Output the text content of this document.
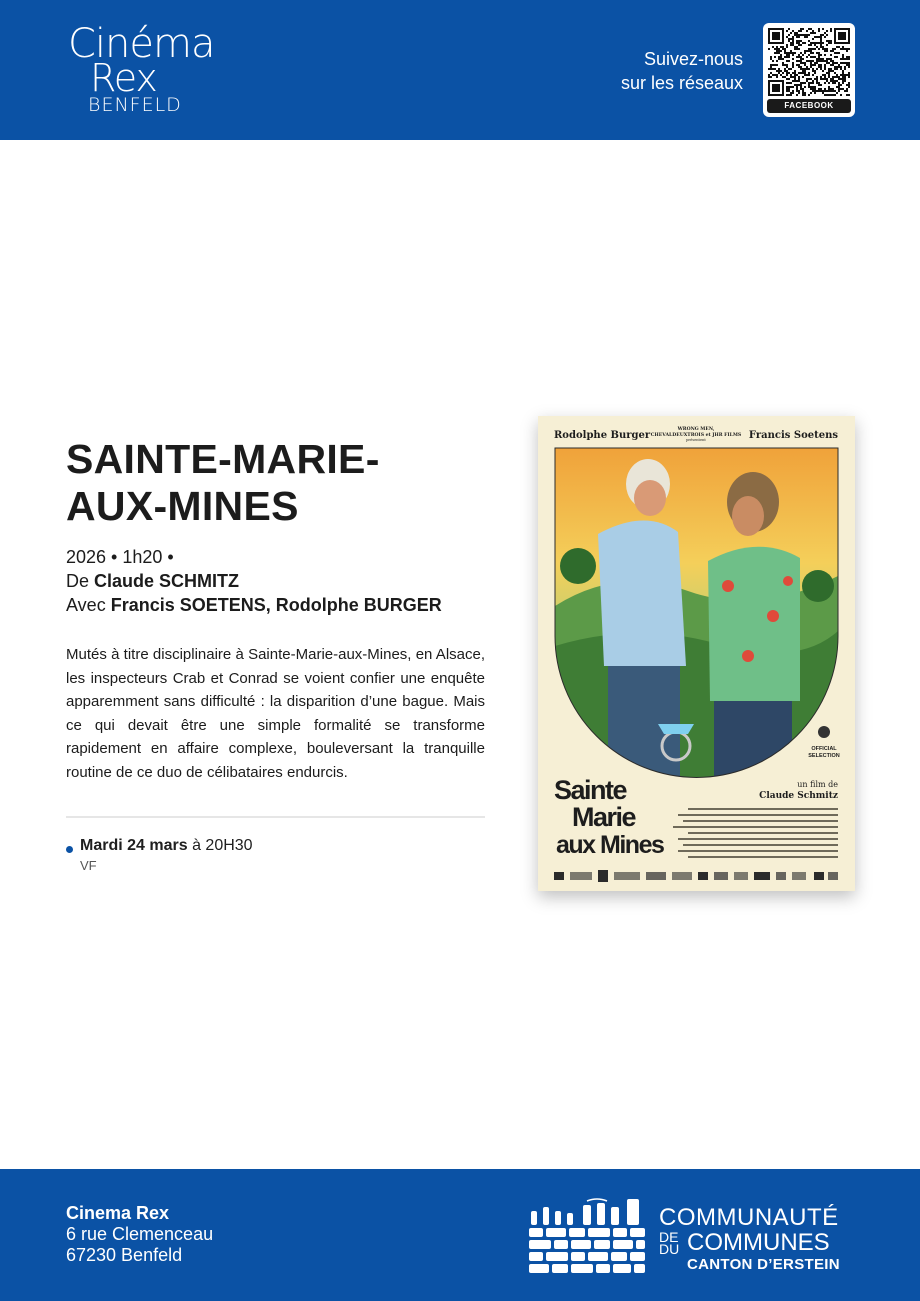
Cinéma
Rex
BENFELD
Suivez-nous
sur les réseaux
FACEBOOK
SAINTE-MARIE-
AUX-MINES
2026 • 1h20 •
De Claude SCHMITZ
Avec Francis SOETENS, Rodolphe BURGER

Mutés à titre disciplinaire à Sainte-Marie-aux-Mines, en Alsace, les inspecteurs Crab et Conrad se voient confier une enquête apparemment sans difficulté : la disparition d’une bague. Mais ce qui devait être une simple formalité se transforme rapidement en affaire complexe, bouleversant la tranquille routine de ce duo de célibataires endurcis.

Mardi 24 mars à 20H30
VF
Rodolphe Burger	Francis Soetens
WRONG MEN,
CHEVALDEUXTROIS et JHR FILMS
présentent
OFFICIAL
SELECTION
Sainte
Marie
aux Mines
un film de
Claude Schmitz
Cinema Rex
6 rue Clemenceau
67230 Benfeld
COMMUNAUTÉ
DE
DU COMMUNES
CANTON D’ERSTEIN
